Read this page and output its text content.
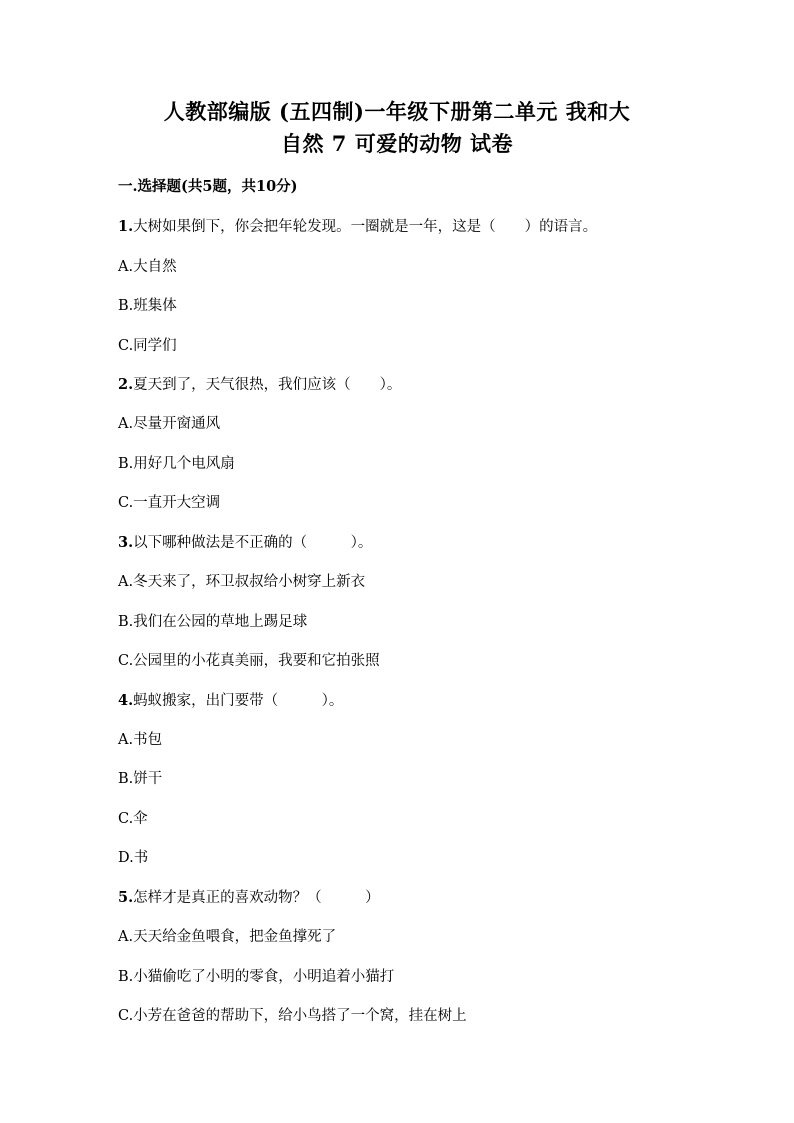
人教部编版 (五四制)一年级下册第二单元 我和大
自然 7 可爱的动物 试卷
一.选择题(共5题，共10分)
1.大树如果倒下，你会把年轮发现。一圈就是一年，这是（　　）的语言。
A.大自然
B.班集体
C.同学们
2.夏天到了，天气很热，我们应该（　　）。
A.尽量开窗通风
B.用好几个电风扇
C.一直开大空调
3.以下哪种做法是不正确的（　　　）。
A.冬天来了，环卫叔叔给小树穿上新衣
B.我们在公园的草地上踢足球
C.公园里的小花真美丽，我要和它拍张照
4.蚂蚁搬家，出门要带（　　　）。
A.书包
B.饼干
C.伞
D.书
5.怎样才是真正的喜欢动物？（　　　）
A.天天给金鱼喂食，把金鱼撑死了
B.小猫偷吃了小明的零食，小明追着小猫打
C.小芳在爸爸的帮助下，给小鸟搭了一个窝，挂在树上
